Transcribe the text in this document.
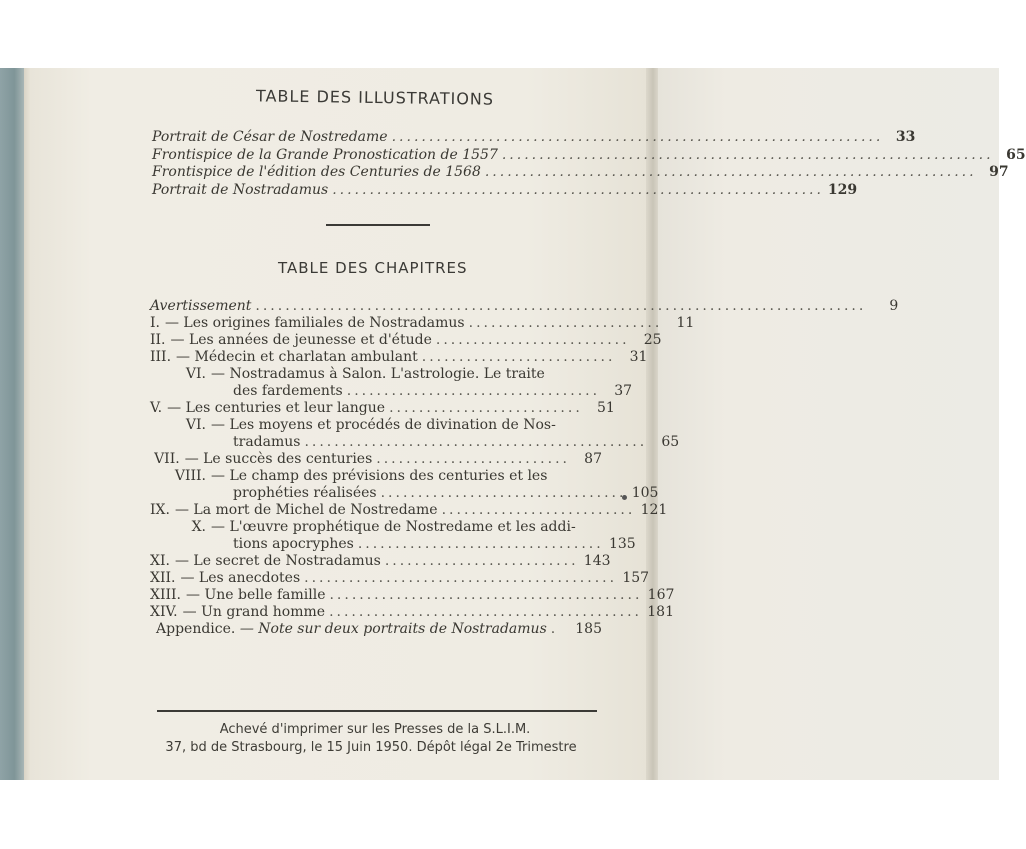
TABLE DES ILLUSTRATIONS
Portrait de César de Nostredame .................................................................. 33
Frontispice de la Grande Pronostication de 1557 .................................................................. 65
Frontispice de l'édition des Centuries de 1568 .................................................................. 97
Portrait de Nostradamus .................................................................. 129
TABLE DES CHAPITRES
Avertissement ..................................................................................	9
I. — Les origines familiales de Nostradamus ..........................	11
II. — Les années de jeunesse et d'étude ..........................	25
III. — Médecin et charlatan ambulant ..........................	31
VI. — Nostradamus à Salon. L'astrologie. Le traite
des fardements ..................................	37
V. — Les centuries et leur langue ..........................	51
VI. — Les moyens et procédés de divination de Nos-
tradamus ..............................................	65
VII. — Le succès des centuries ..........................	87
VIII. — Le champ des prévisions des centuries et les
prophéties réalisées ................................. 105
IX. — La mort de Michel de Nostredame .......................... 121
X. — L'œuvre prophétique de Nostredame et les addi-
tions apocryphes ................................. 135
XI. — Le secret de Nostradamus .......................... 143
XII. — Les anecdotes .......................................... 157
XIII. — Une belle famille .......................................... 167
XIV. — Un grand homme .......................................... 181
Appendice.
— Note sur deux portraits de Nostradamus .	185
Achevé d'imprimer sur les Presses de la S.L.I.M.
37, bd de Strasbourg, le 15 Juin 1950. Dépôt légal 2e Trimestre
